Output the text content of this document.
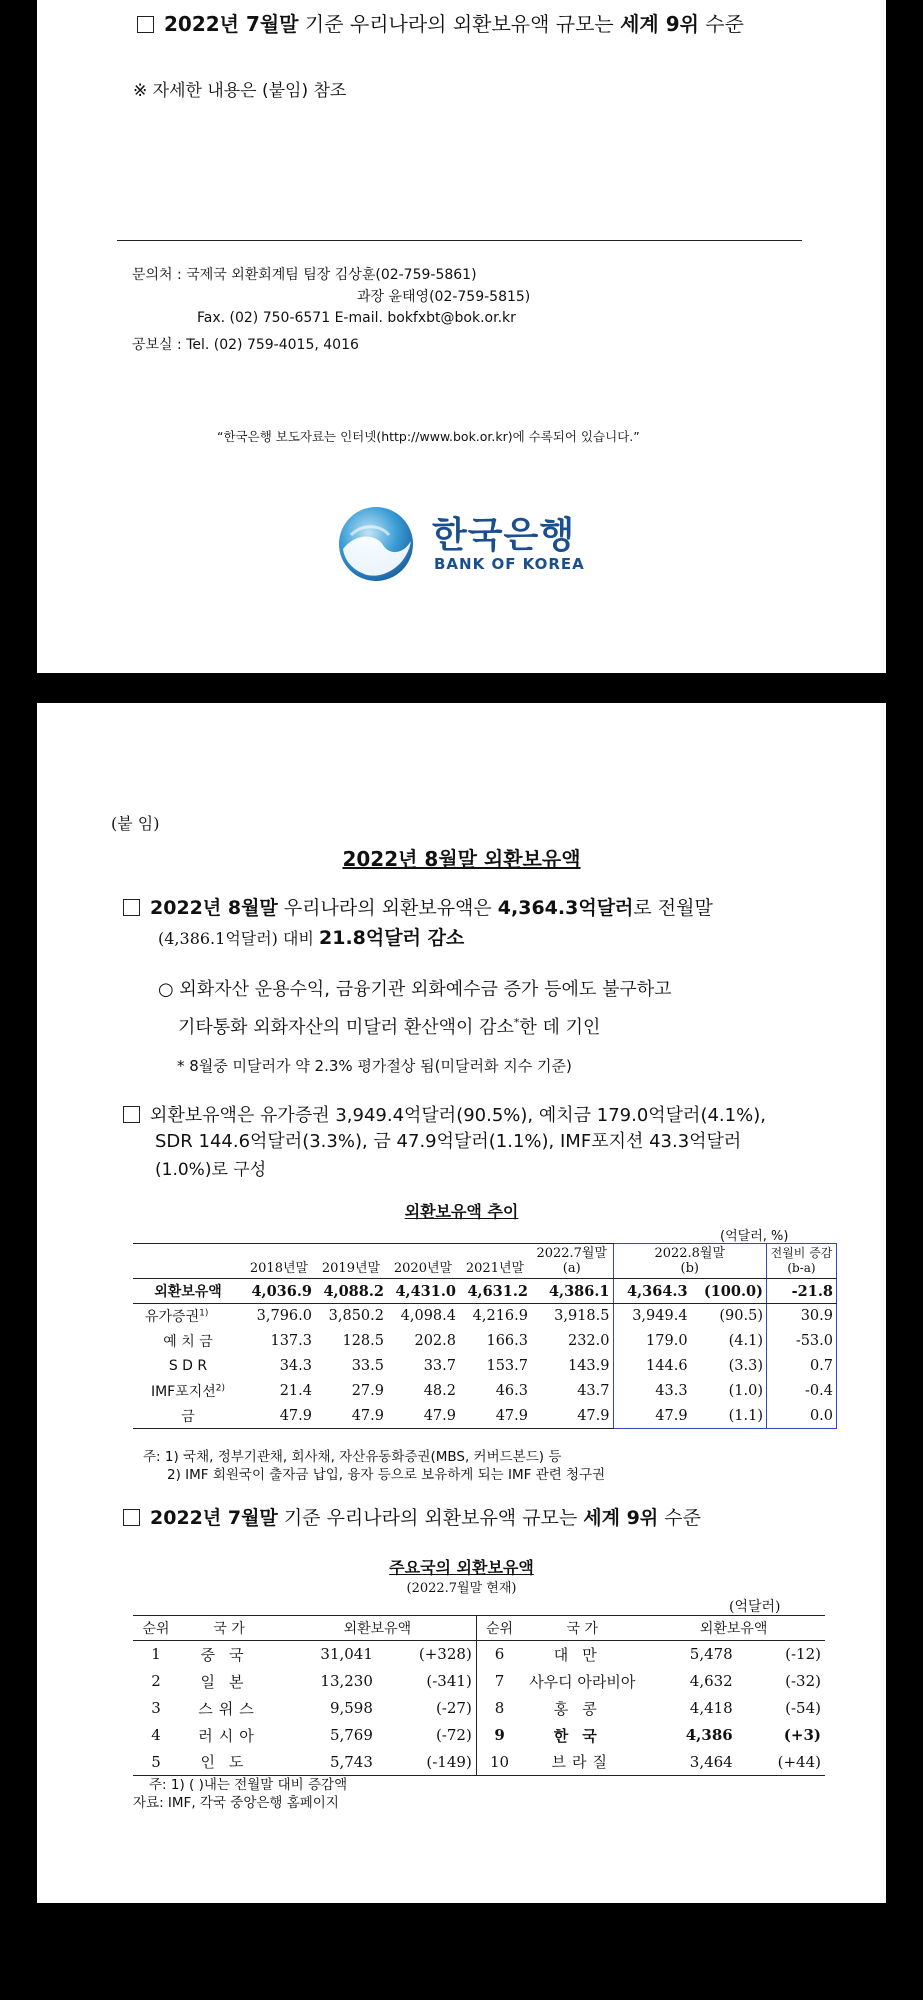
2022년 7월말 기준 우리나라의 외환보유액 규모는 세계 9위 수준
※ 자세한 내용은 (붙임) 참조
문의처 : 국제국 외환회계팀 팀장 김상훈(02-759-5861)
과장 윤태영(02-759-5815)
Fax. (02) 750-6571 E-mail. bokfxbt@bok.or.kr
공보실 : Tel. (02) 759-4015, 4016
“한국은행 보도자료는 인터넷(http://www.bok.or.kr)에 수록되어 있습니다.”
한국은행
BANK OF KOREA
(붙 임)
2022년 8월말 외환보유액
2022년 8월말 우리나라의 외환보유액은 4,364.3억달러로 전월말
(4,386.1억달러) 대비 21.8억달러 감소
○ 외화자산 운용수익, 금융기관 외화예수금 증가 등에도 불구하고
기타통화 외화자산의 미달러 환산액이 감소*한 데 기인
* 8월중 미달러가 약 2.3% 평가절상 됨(미달러화 지수 기준)
외환보유액은 유가증권 3,949.4억달러(90.5%), 예치금 179.0억달러(4.1%),
SDR 144.6억달러(3.3%), 금 47.9억달러(1.1%), IMF포지션 43.3억달러
(1.0%)로 구성
외환보유액 추이
(억달러, %)
	2018년말	2019년말	2020년말	2021년말	2022.7월말
(a)	2022.8월말
(b)		전월비 증감
(b-a)
외환보유액	4,036.9	4,088.2	4,431.0	4,631.2	4,386.1	4,364.3	(100.0)	-21.8
유가증권$^{1)}$	3,796.0	3,850.2	4,098.4	4,216.9	3,918.5	3,949.4	(90.5)	30.9
예 치 금	137.3	128.5	202.8	166.3	232.0	179.0	(4.1)	-53.0
S D R	34.3	33.5	33.7	153.7	143.9	144.6	(3.3)	0.7
IMF포지션$^{2)}$	21.4	27.9	48.2	46.3	43.7	43.3	(1.0)	-0.4
금	47.9	47.9	47.9	47.9	47.9	47.9	(1.1)	0.0
주: 1) 국채, 정부기관채, 회사채, 자산유동화증권(MBS, 커버드본드) 등
2) IMF 회원국이 출자금 납입, 융자 등으로 보유하게 되는 IMF 관련 청구권
2022년 7월말 기준 우리나라의 외환보유액 규모는 세계 9위 수준
주요국의 외환보유액
(2022.7월말 현재)
(억달러)
순위	국 가	외환보유액		순위	국 가	외환보유액	
1	중국	31,041	(+328)	6	대만	5,478	(-12)
2	일본	13,230	(-341)	7	사우디 아라비아	4,632	(-32)
3	스위스	9,598	(-27)	8	홍콩	4,418	(-54)
4	러시아	5,769	(-72)	9	한국	4,386	(+3)
5	인도	5,743	(-149)	10	브라질	3,464	(+44)
주: 1) ( )내는 전월말 대비 증감액
자료: IMF, 각국 중앙은행 홈페이지
